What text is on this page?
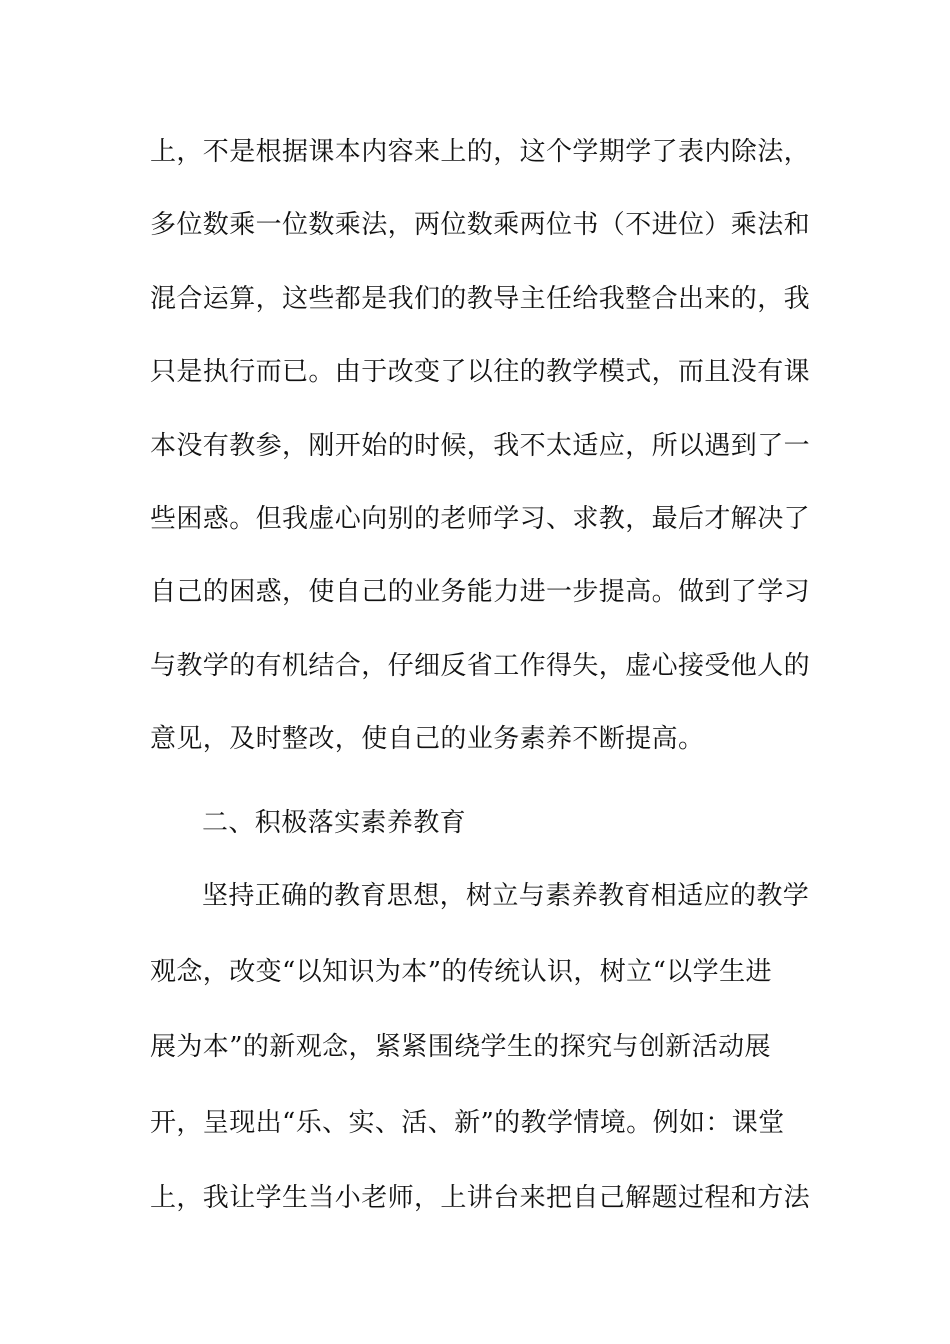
上，不是根据课本内容来上的，这个学期学了表内除法，
多位数乘一位数乘法，两位数乘两位书（不进位）乘法和
混合运算，这些都是我们的教导主任给我整合出来的，我
只是执行而已。由于改变了以往的教学模式，而且没有课
本没有教参，刚开始的时候，我不太适应，所以遇到了一
些困惑。但我虚心向别的老师学习、求教，最后才解决了
自己的困惑，使自己的业务能力进一步提高。做到了学习
与教学的有机结合，仔细反省工作得失，虚心接受他人的
意见，及时整改，使自己的业务素养不断提高。
二、积极落实素养教育
坚持正确的教育思想，树立与素养教育相适应的教学
观念，改变“以知识为本”的传统认识，树立“以学生进
展为本”的新观念，紧紧围绕学生的探究与创新活动展
开，呈现出“乐、实、活、新”的教学情境。例如：课堂
上，我让学生当小老师，上讲台来把自己解题过程和方法
